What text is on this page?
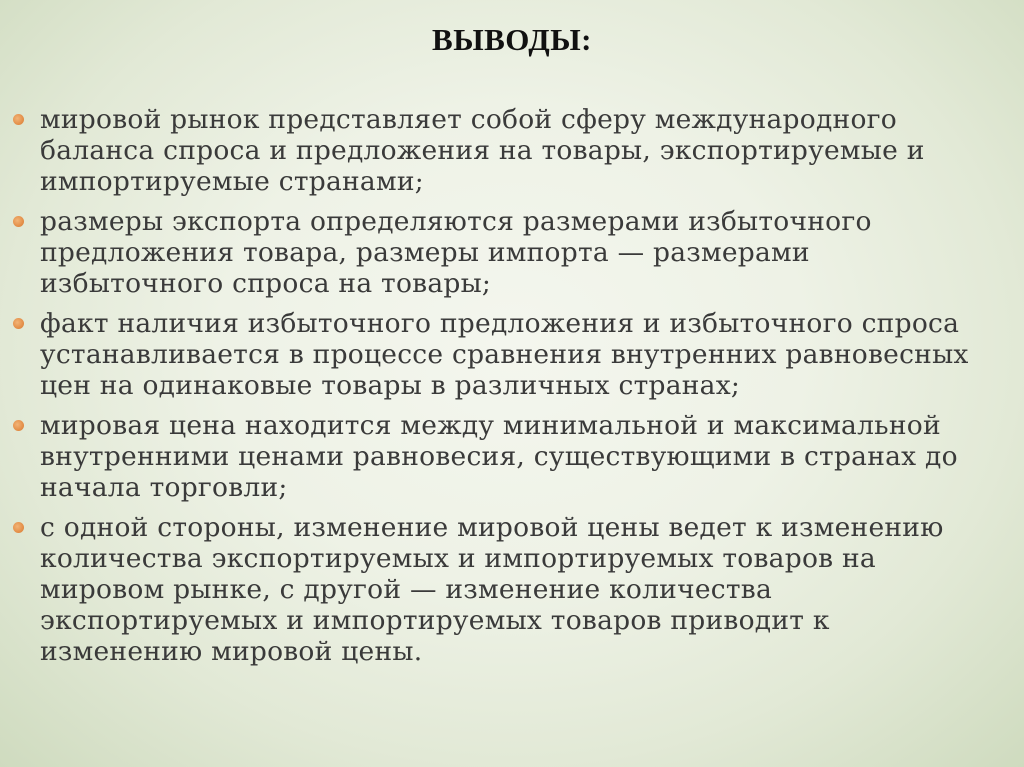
ВЫВОДЫ:
мировой рынок представляет собой сферу международного баланса спроса и предложения на товары, экспортируемые и импортируемые странами;
размеры экспорта определяются размерами избыточного предложения товара, размеры импорта — размерами избыточного спроса на товары;
факт наличия избыточного предложения и избыточного спроса устанавливается в процессе сравнения внутренних равновесных цен на одинаковые товары в различных странах;
мировая цена находится между минимальной и максимальной внутренними ценами равновесия, существующими в странах до начала торговли;
с одной стороны, изменение мировой цены ведет к изменению количества экспортируемых и импортируемых товаров на мировом рынке, с другой — изменение количества экспортируемых и импортируемых товаров приводит к изменению мировой цены.
